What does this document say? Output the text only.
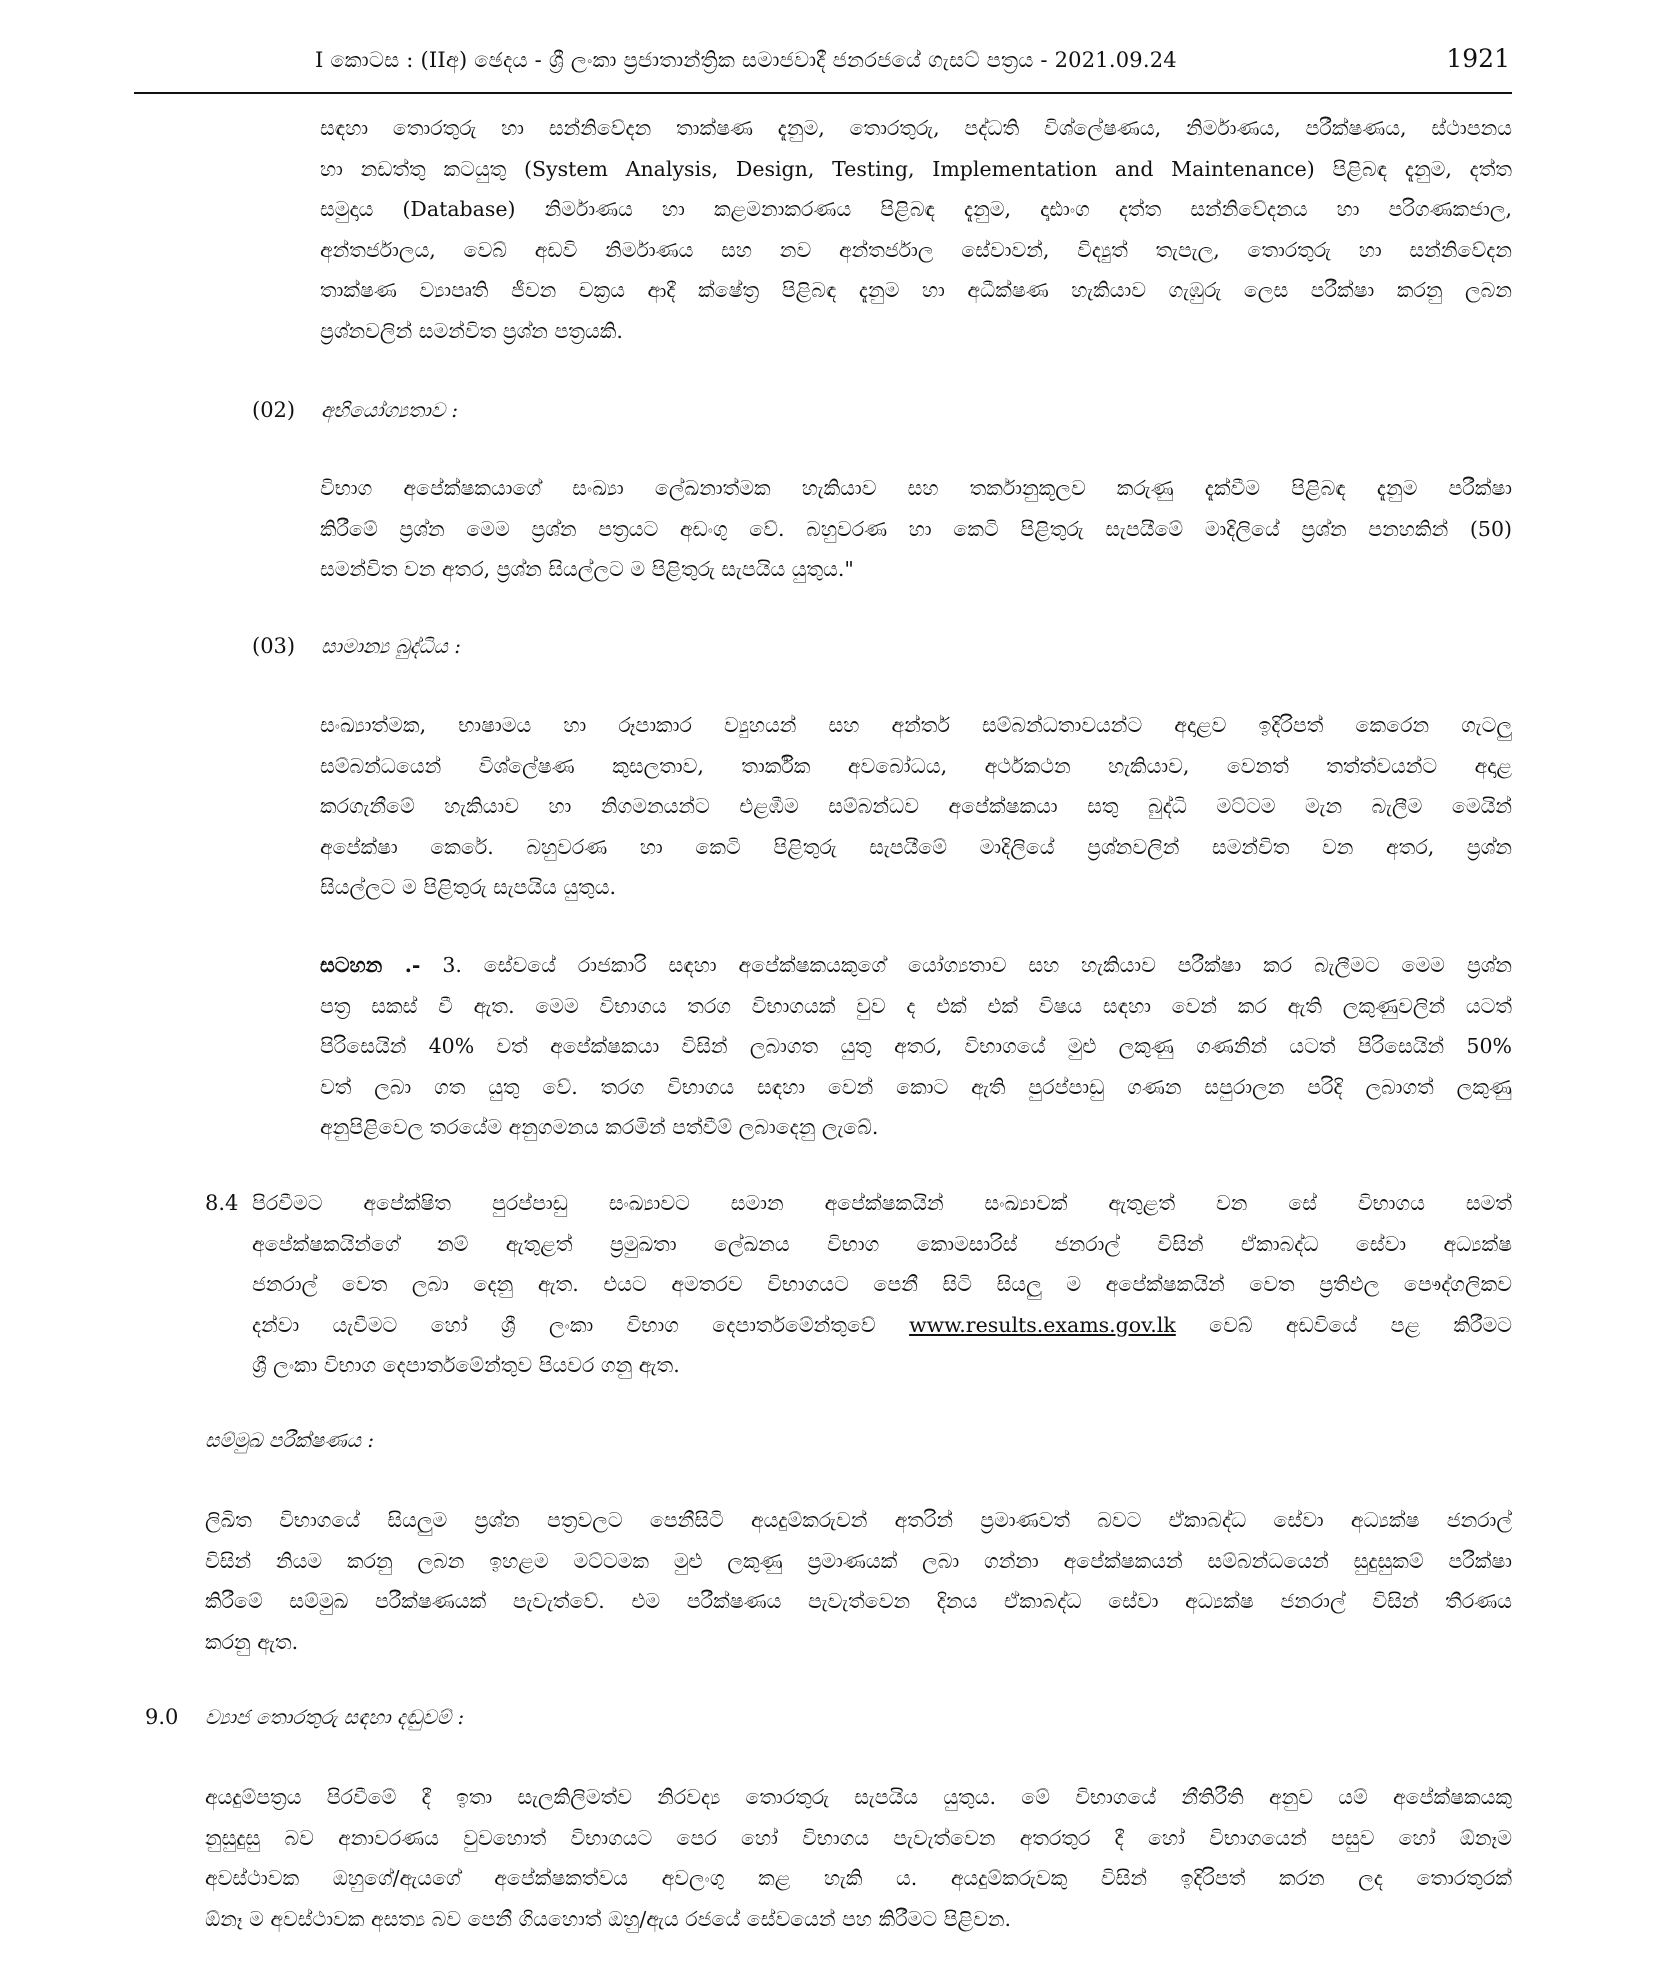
I කොටස : (IIඅ) ඡෙදය - ශ්‍රී ලංකා ප්‍රජාතාන්ත්‍රික සමාජවාදී ජනරජයේ ගැසට් පත්‍රය - 2021.09.24	1921
සඳහා තොරතුරු හා සන්නිවේදන තාක්ෂණ දැනුම, තොරතුරු, පද්ධති විශ්ලේෂණය, නිර්මාණය, පරීක්ෂණය, ස්ථාපනය
හා නඩත්තු කටයුතු (System Analysis, Design, Testing, Implementation and Maintenance) පිළිබඳ දැනුම, දත්ත
සමුදාය (Database) නිර්මාණය හා කළමනාකරණය පිළිබඳ දැනුම, දෘඪාංග දත්ත සන්නිවේදනය හා පරිගණකජාල,
අන්තර්ජාලය, වෙබ් අඩවි නිර්මාණය සහ නව අන්තර්ජාල සේවාවන්, විද්‍යුත් තැපැල, තොරතුරු හා සන්නිවේදන
තාක්ෂණ ව්‍යාපෘති ජීවන චක්‍රය ආදී ක්ෂේත්‍ර පිළිබඳ දැනුම හා අධීක්ෂණ හැකියාව ගැඹුරු ලෙස පරීක්ෂා කරනු ලබන
ප්‍රශ්නවලින් සමන්විත ප්‍රශ්න පත්‍රයකි.
(02) අභියෝග්‍යතාව :
විභාග අපේක්ෂකයාගේ සංඛ්‍යා ලේඛනාත්මක හැකියාව සහ තර්කානුකූලව කරුණු දැක්වීම පිළිබඳ දැනුම පරීක්ෂා
කිරීමේ ප්‍රශ්න මෙම ප්‍රශ්න පත්‍රයට අඩංගු වේ. බහුවරණ හා කෙටි පිළිතුරු සැපයීමේ මාදිලියේ ප්‍රශ්න පනහකින් (50)
සමන්විත වන අතර, ප්‍රශ්න සියල්ලට ම පිළිතුරු සැපයිය යුතුය."
(03) සාමාන්‍ය බුද්ධිය :
සංඛ්‍යාත්මක, භාෂාමය හා රූපාකාර ව්‍යුහයන් සහ අන්තර් සම්බන්ධතාවයන්ට අදාළව ඉදිරිපත් කෙරෙන ගැටලු
සම්බන්ධයෙන් විශ්ලේෂණ කුසලතාව, තාර්කික අවබෝධය, අර්ථකථන හැකියාව, වෙනත් තත්ත්වයන්ට අදාළ
කරගැනීමේ හැකියාව හා නිගමනයන්ට එළඹීම සම්බන්ධව අපේක්ෂකයා සතු බුද්ධි මට්ටම මැන බැලීම මෙයින්
අපේක්ෂා කෙරේ. බහුවරණ හා කෙටි පිළිතුරු සැපයීමේ මාදිලියේ ප්‍රශ්නවලින් සමන්විත වන අතර, ප්‍රශ්න
සියල්ලට ම පිළිතුරු සැපයිය යුතුය.
සටහන .- 3. සේවයේ රාජකාරි සඳහා අපේක්ෂකයකුගේ යෝග්‍යතාව සහ හැකියාව පරීක්ෂා කර බැලීමට මෙම ප්‍රශ්න
පත්‍ර සකස් වී ඇත. මෙම විභාගය තරග විභාගයක් වුව ද එක් එක් විෂය සඳහා වෙන් කර ඇති ලකුණුවලින් යටත්
පිරිසෙයින් 40% වත් අපේක්ෂකයා විසින් ලබාගත යුතු අතර, විභාගයේ මුළු ලකුණු ගණනින් යටත් පිරිසෙයින් 50%
වත් ලබා ගත යුතු වේ. තරග විභාගය සඳහා වෙන් කොට ඇති පුරප්පාඩු ගණන සපුරාලන පරිදි ලබාගත් ලකුණු
අනුපිළිවෙල තරයේම අනුගමනය කරමින් පත්වීම් ලබාදෙනු ලැබේ.
8.4 පිරවීමට අපේක්ෂිත පුරප්පාඩු සංඛ්‍යාවට සමාන අපේක්ෂකයින් සංඛ්‍යාවක් ඇතුළත් වන සේ විභාගය සමත්
අපේක්ෂකයින්ගේ නම් ඇතුළත් ප්‍රමුඛතා ලේඛනය විභාග කොමසාරිස් ජනරාල් විසින් ඒකාබද්ධ සේවා අධ්‍යක්ෂ
ජනරාල් වෙත ලබා දෙනු ඇත. එයට අමතරව විභාගයට පෙනී සිටි සියලු ම අපේක්ෂකයින් වෙත ප්‍රතිඵල පෞද්ගලිකව
දන්වා යැවීමට හෝ ශ්‍රී ලංකා විභාග දෙපාර්තමේන්තුවේ www.results.exams.gov.lk වෙබ් අඩවියේ පළ කිරීමට
ශ්‍රී ලංකා විභාග දෙපාර්තමේන්තුව පියවර ගනු ඇත.
සම්මුඛ පරීක්ෂණය :
ලිඛිත විභාගයේ සියලුම ප්‍රශ්න පත්‍රවලට පෙනීසිටි අයදුම්කරුවන් අතරින් ප්‍රමාණවත් බවට ඒකාබද්ධ සේවා අධ්‍යක්ෂ ජනරාල්
විසින් නියම කරනු ලබන ඉහළම මට්ටමක මුළු ලකුණු ප්‍රමාණයක් ලබා ගන්නා අපේක්ෂකයන් සම්බන්ධයෙන් සුදුසුකම් පරීක්ෂා
කිරීමේ සම්මුඛ පරීක්ෂණයක් පැවැත්වේ. එම පරීක්ෂණය පැවැත්වෙන දිනය ඒකාබද්ධ සේවා අධ්‍යක්ෂ ජනරාල් විසින් තීරණය
කරනු ඇත.
9.0 ව්‍යාජ තොරතුරු සඳහා දඬුවම් :
අයදුම්පත්‍රය පිරවීමේ දී ඉතා සැලකිලිමත්ව නිරවද්‍ය තොරතුරු සැපයිය යුතුය. මේ විභාගයේ නීතිරීති අනුව යම් අපේක්ෂකයකු
නුසුදුසු බව අනාවරණය වුවහොත් විභාගයට පෙර හෝ විභාගය පැවැත්වෙන අතරතුර දී හෝ විභාගයෙන් පසුව හෝ ඕනෑම
අවස්ථාවක ඔහුගේ/ඇයගේ අපේක්ෂකත්වය අවලංගු කළ හැකි ය. අයදුම්කරුවකු විසින් ඉදිරිපත් කරන ලද තොරතුරක්
ඕනෑ ම අවස්ථාවක අසත්‍ය බව පෙනී ගියහොත් ඔහු/ඇය රජයේ සේවයෙන් පහ කිරීමට පිළිවන.
